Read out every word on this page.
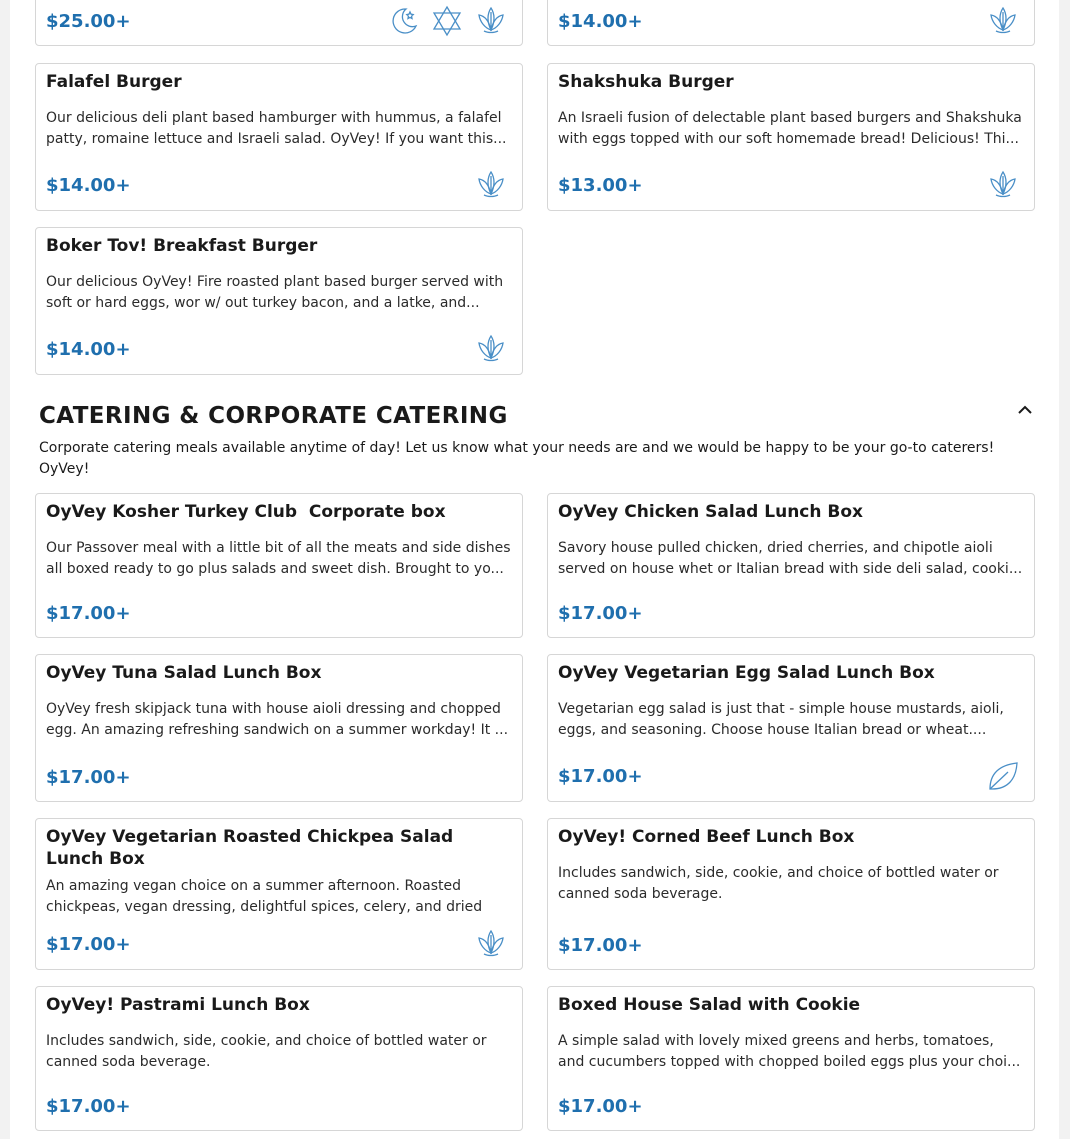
$25.00+	$14.00+
Falafel Burger
Our delicious deli plant based hamburger with hummus, a falafel patty, romaine lettuce and Israeli salad. OyVey! If you want this...
$14.00+
Shakshuka Burger
An Israeli fusion of delectable plant based burgers and Shakshuka with eggs topped with our soft homemade bread! Delicious! Thi...
$13.00+
Boker Tov! Breakfast Burger
Our delicious OyVey! Fire roasted plant based burger served with soft or hard eggs, wor w/ out turkey bacon, and a latke, and...
$14.00+
CATERING & CORPORATE CATERING
Corporate catering meals available anytime of day! Let us know what your needs are and we would be happy to be your go-to caterers! OyVey!
OyVey Kosher Turkey Club  Corporate box
Our Passover meal with a little bit of all the meats and side dishes all boxed ready to go plus salads and sweet dish. Brought to yo...
$17.00+
OyVey Chicken Salad Lunch Box
Savory house pulled chicken, dried cherries, and chipotle aioli served on house whet or Italian bread with side deli salad, cooki...
$17.00+
OyVey Tuna Salad Lunch Box
OyVey fresh skipjack tuna with house aioli dressing and chopped egg. An amazing refreshing sandwich on a summer workday! It ...
$17.00+
OyVey Vegetarian Egg Salad Lunch Box
Vegetarian egg salad is just that - simple house mustards, aioli, eggs, and seasoning. Choose house Italian bread or wheat....
$17.00+
OyVey Vegetarian Roasted Chickpea Salad Lunch Box
An amazing vegan choice on a summer afternoon. Roasted chickpeas, vegan dressing, delightful spices, celery, and dried
$17.00+
OyVey! Corned Beef Lunch Box
Includes sandwich, side, cookie, and choice of bottled water or canned soda beverage.
$17.00+
OyVey! Pastrami Lunch Box
Includes sandwich, side, cookie, and choice of bottled water or canned soda beverage.
$17.00+
Boxed House Salad with Cookie
A simple salad with lovely mixed greens and herbs, tomatoes, and cucumbers topped with chopped boiled eggs plus your choi...
$17.00+
